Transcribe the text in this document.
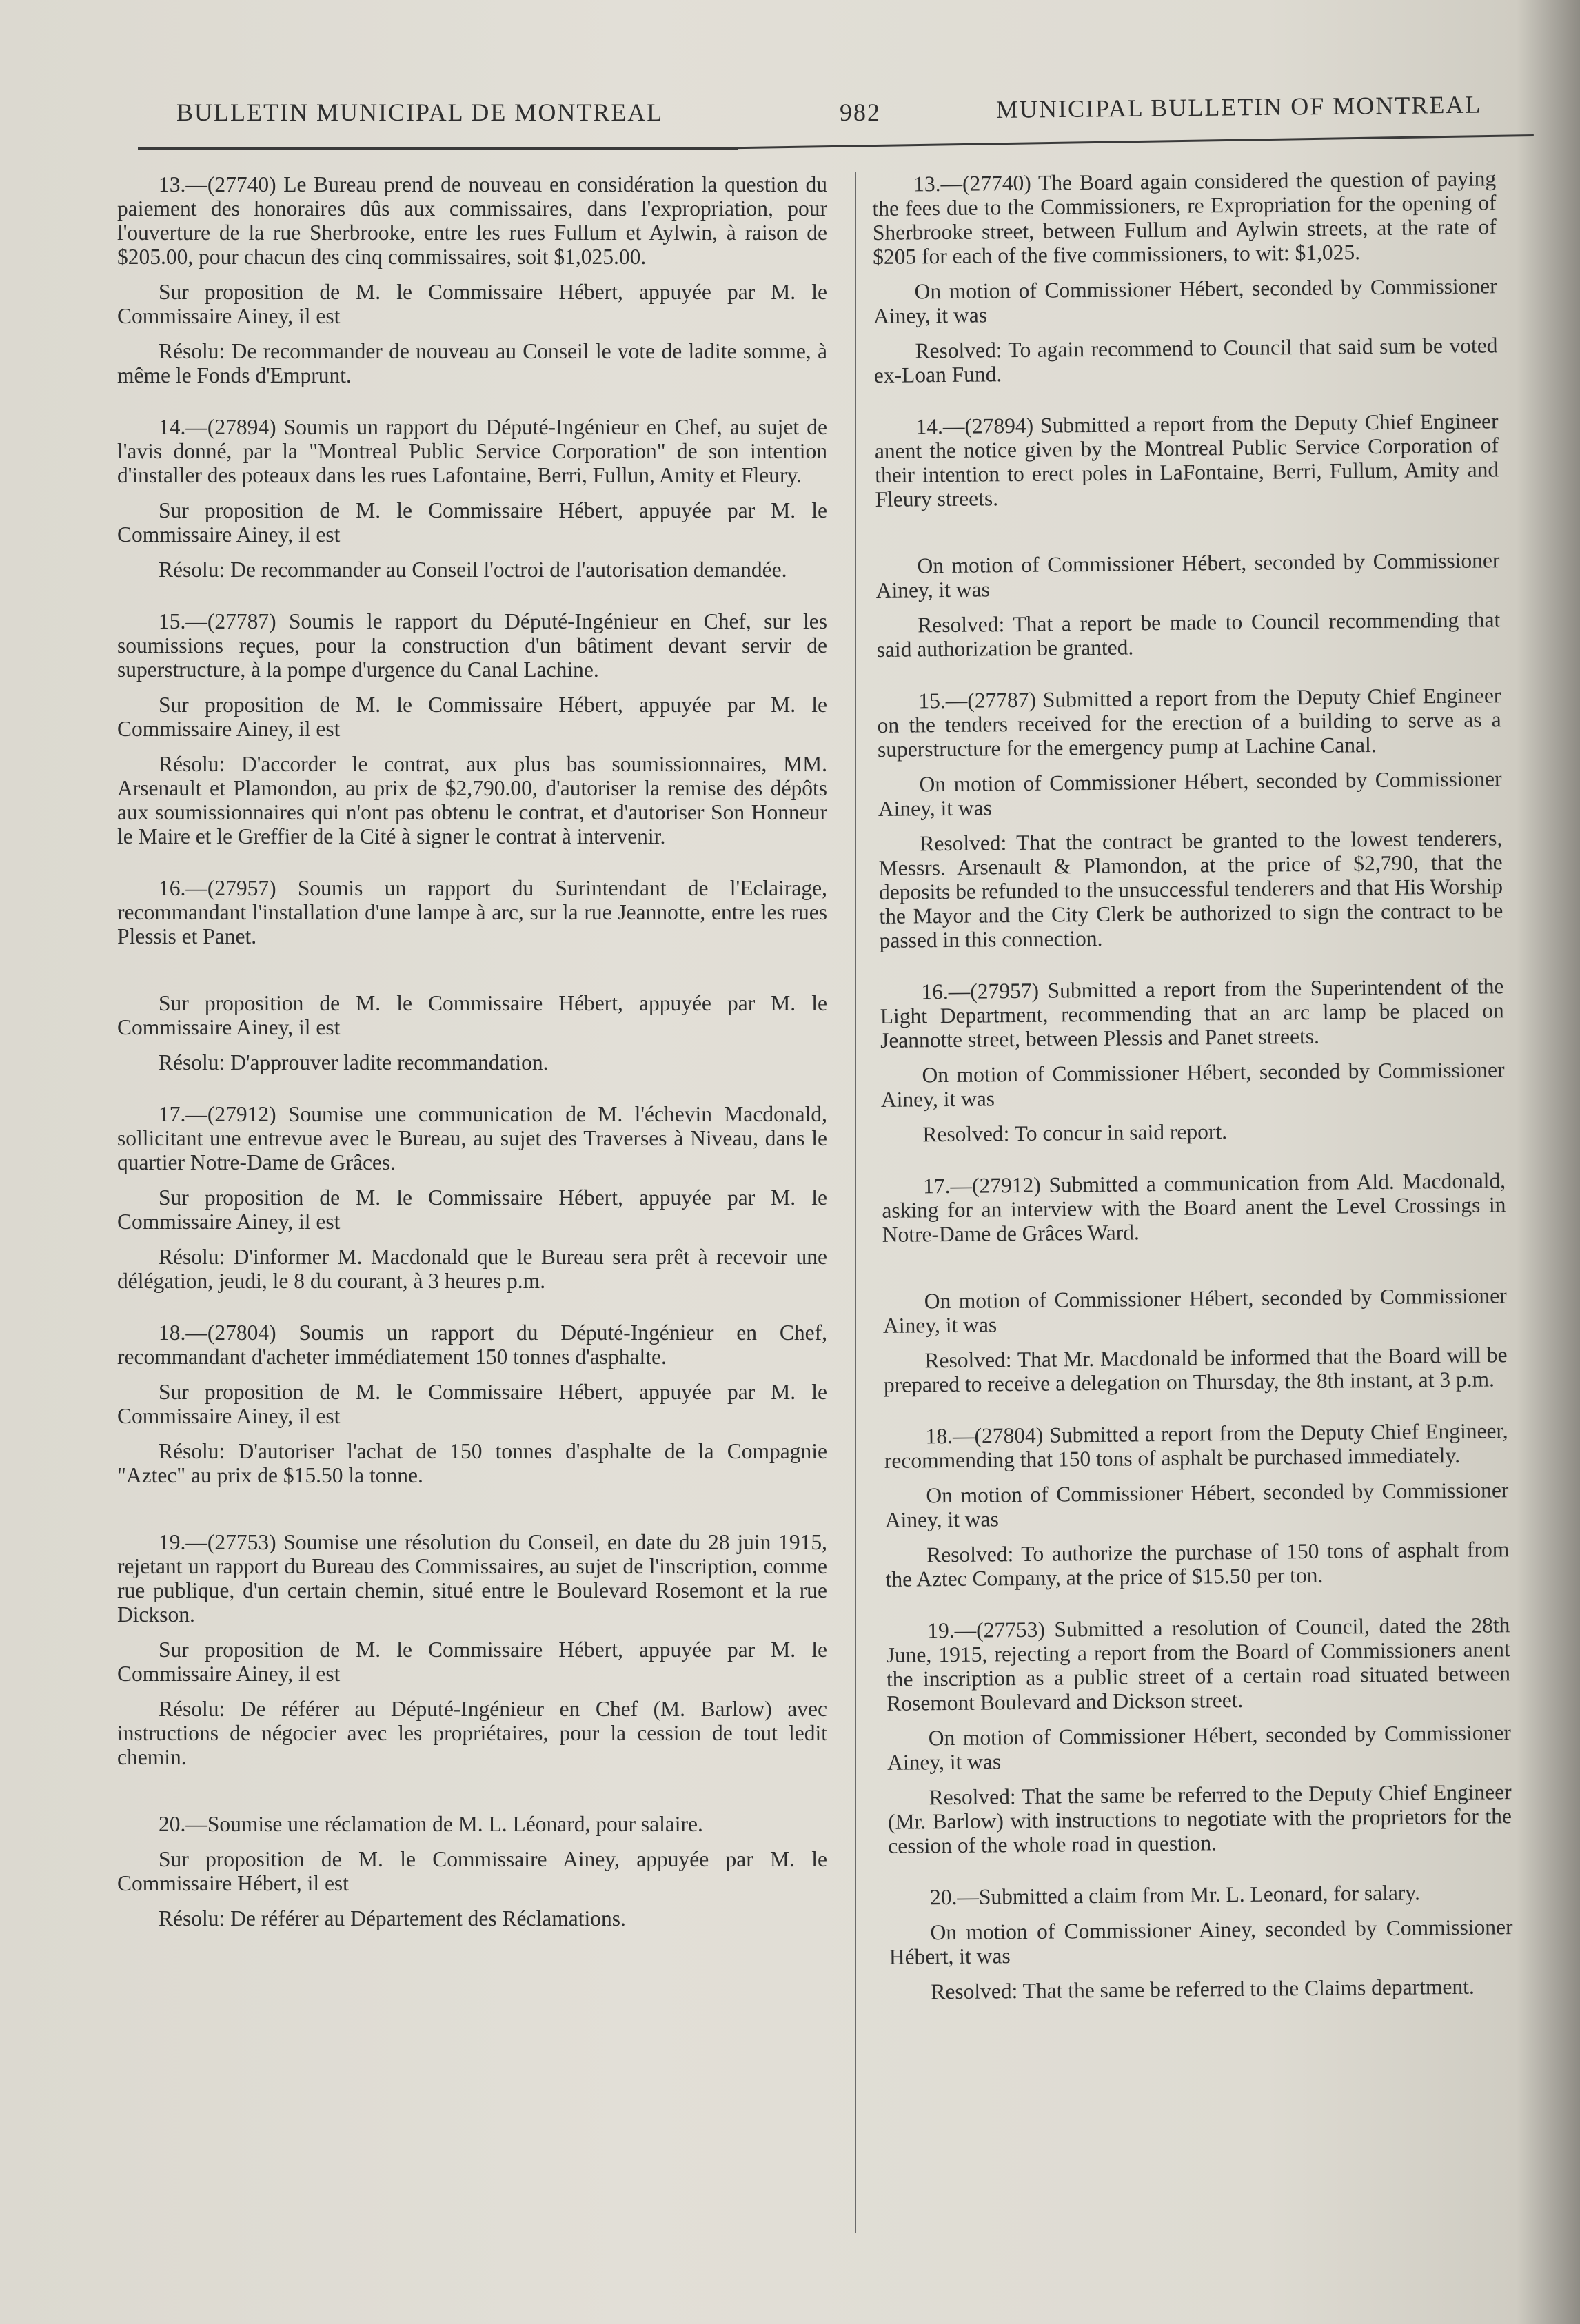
BULLETIN MUNICIPAL DE MONTREAL	982	MUNICIPAL BULLETIN OF MONTREAL

13.—(27740) Le Bureau prend de nouveau en considération la question du paiement des honoraires dûs aux commissaires, dans l'expropriation, pour l'ouverture de la rue Sherbrooke, entre les rues Fullum et Aylwin, à raison de $205.00, pour chacun des cinq commissaires, soit $1,025.00.

Sur proposition de M. le Commissaire Hébert, appuyée par M. le Commissaire Ainey, il est

Résolu: De recommander de nouveau au Conseil le vote de ladite somme, à même le Fonds d'Emprunt.

14.—(27894) Soumis un rapport du Député-Ingénieur en Chef, au sujet de l'avis donné, par la "Montreal Public Service Corporation" de son intention d'installer des poteaux dans les rues Lafontaine, Berri, Fullun, Amity et Fleury.

Sur proposition de M. le Commissaire Hébert, appuyée par M. le Commissaire Ainey, il est

Résolu: De recommander au Conseil l'octroi de l'autorisation demandée.

15.—(27787) Soumis le rapport du Député-Ingénieur en Chef, sur les soumissions reçues, pour la construction d'un bâtiment devant servir de superstructure, à la pompe d'urgence du Canal Lachine.

Sur proposition de M. le Commissaire Hébert, appuyée par M. le Commissaire Ainey, il est

Résolu: D'accorder le contrat, aux plus bas soumissionnaires, MM. Arsenault et Plamondon, au prix de $2,790.00, d'autoriser la remise des dépôts aux soumissionnaires qui n'ont pas obtenu le contrat, et d'autoriser Son Honneur le Maire et le Greffier de la Cité à signer le contrat à intervenir.

16.—(27957) Soumis un rapport du Surintendant de l'Eclairage, recommandant l'installation d'une lampe à arc, sur la rue Jeannotte, entre les rues Plessis et Panet.

Sur proposition de M. le Commissaire Hébert, appuyée par M. le Commissaire Ainey, il est

Résolu: D'approuver ladite recommandation.

17.—(27912) Soumise une communication de M. l'échevin Macdonald, sollicitant une entrevue avec le Bureau, au sujet des Traverses à Niveau, dans le quartier Notre-Dame de Grâces.

Sur proposition de M. le Commissaire Hébert, appuyée par M. le Commissaire Ainey, il est

Résolu: D'informer M. Macdonald que le Bureau sera prêt à recevoir une délégation, jeudi, le 8 du courant, à 3 heures p.m.

18.—(27804) Soumis un rapport du Député-Ingénieur en Chef, recommandant d'acheter immédiatement 150 tonnes d'asphalte.

Sur proposition de M. le Commissaire Hébert, appuyée par M. le Commissaire Ainey, il est

Résolu: D'autoriser l'achat de 150 tonnes d'asphalte de la Compagnie "Aztec" au prix de $15.50 la tonne.

19.—(27753) Soumise une résolution du Conseil, en date du 28 juin 1915, rejetant un rapport du Bureau des Commissaires, au sujet de l'inscription, comme rue publique, d'un certain chemin, situé entre le Boulevard Rosemont et la rue Dickson.

Sur proposition de M. le Commissaire Hébert, appuyée par M. le Commissaire Ainey, il est

Résolu: De référer au Député-Ingénieur en Chef (M. Barlow) avec instructions de négocier avec les propriétaires, pour la cession de tout ledit chemin.

20.—Soumise une réclamation de M. L. Léonard, pour salaire.

Sur proposition de M. le Commissaire Ainey, appuyée par M. le Commissaire Hébert, il est

Résolu: De référer au Département des Réclamations.

13.—(27740) The Board again considered the question of paying the fees due to the Commissioners, re Expropriation for the opening of Sherbrooke street, between Fullum and Aylwin streets, at the rate of $205 for each of the five commissioners, to wit: $1,025.

On motion of Commissioner Hébert, seconded by Commissioner Ainey, it was

Resolved: To again recommend to Council that said sum be voted ex-Loan Fund.

14.—(27894) Submitted a report from the Deputy Chief Engineer anent the notice given by the Montreal Public Service Corporation of their intention to erect poles in LaFontaine, Berri, Fullum, Amity and Fleury streets.

On motion of Commissioner Hébert, seconded by Commissioner Ainey, it was

Resolved: That a report be made to Council recommending that said authorization be granted.

15.—(27787) Submitted a report from the Deputy Chief Engineer on the tenders received for the erection of a building to serve as a superstructure for the emergency pump at Lachine Canal.

On motion of Commissioner Hébert, seconded by Commissioner Ainey, it was

Resolved: That the contract be granted to the lowest tenderers, Messrs. Arsenault & Plamondon, at the price of $2,790, that the deposits be refunded to the unsuccessful tenderers and that His Worship the Mayor and the City Clerk be authorized to sign the contract to be passed in this connection.

16.—(27957) Submitted a report from the Superintendent of the Light Department, recommending that an arc lamp be placed on Jeannotte street, between Plessis and Panet streets.

On motion of Commissioner Hébert, seconded by Commissioner Ainey, it was

Resolved: To concur in said report.

17.—(27912) Submitted a communication from Ald. Macdonald, asking for an interview with the Board anent the Level Crossings in Notre-Dame de Grâces Ward.

On motion of Commissioner Hébert, seconded by Commissioner Ainey, it was

Resolved: That Mr. Macdonald be informed that the Board will be prepared to receive a delegation on Thursday, the 8th instant, at 3 p.m.

18.—(27804) Submitted a report from the Deputy Chief Engineer, recommending that 150 tons of asphalt be purchased immediately.

On motion of Commissioner Hébert, seconded by Commissioner Ainey, it was

Resolved: To authorize the purchase of 150 tons of asphalt from the Aztec Company, at the price of $15.50 per ton.

19.—(27753) Submitted a resolution of Council, dated the 28th June, 1915, rejecting a report from the Board of Commissioners anent the inscription as a public street of a certain road situated between Rosemont Boulevard and Dickson street.

On motion of Commissioner Hébert, seconded by Commissioner Ainey, it was

Resolved: That the same be referred to the Deputy Chief Engineer (Mr. Barlow) with instructions to negotiate with the proprietors for the cession of the whole road in question.

20.—Submitted a claim from Mr. L. Leonard, for salary.

On motion of Commissioner Ainey, seconded by Commissioner Hébert, it was

Resolved: That the same be referred to the Claims department.
